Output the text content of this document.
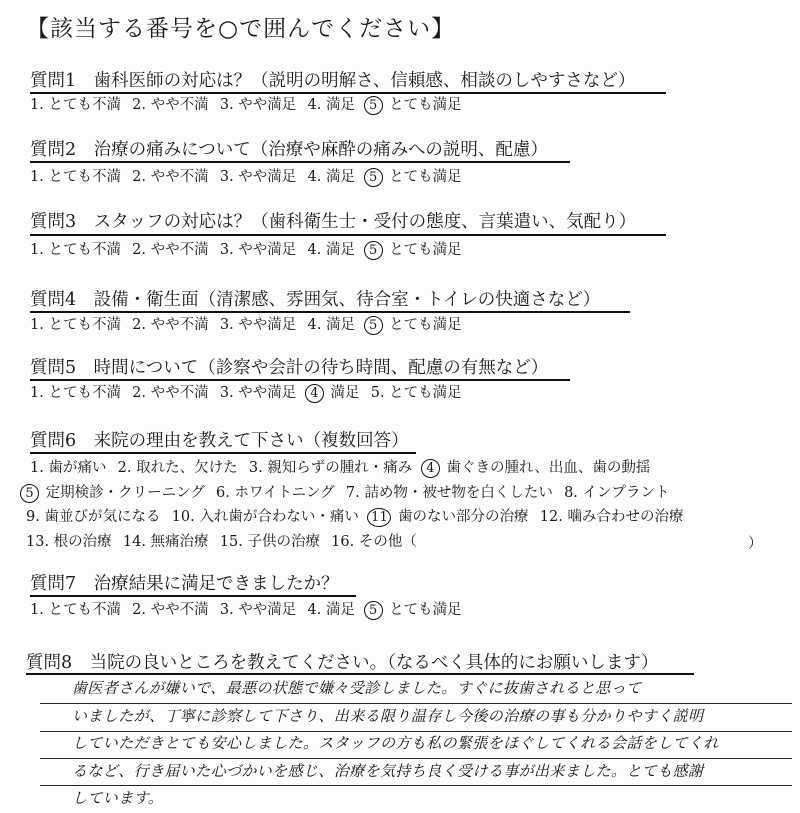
【該当する番号を○で囲んでください】
質問1　歯科医師の対応は？（説明の明解さ、信頼感、相談のしやすさなど）
1. とても不満 2. やや不満 3. やや満足 4. 満足 5 とても満足
質問2　治療の痛みについて（治療や麻酔の痛みへの説明、配慮）
1. とても不満 2. やや不満 3. やや満足 4. 満足 5 とても満足
質問3　スタッフの対応は？（歯科衛生士・受付の態度、言葉遣い、気配り）
1. とても不満 2. やや不満 3. やや満足 4. 満足 5 とても満足
質問4　設備・衛生面（清潔感、雰囲気、待合室・トイレの快適さなど）
1. とても不満 2. やや不満 3. やや満足 4. 満足 5 とても満足
質問5　時間について（診察や会計の待ち時間、配慮の有無など）
1. とても不満 2. やや不満 3. やや満足 4 満足 5. とても満足
質問6　来院の理由を教えて下さい（複数回答）
1. 歯が痛い 2. 取れた、欠けた 3. 親知らずの腫れ・痛み 4 歯ぐきの腫れ、出血、歯の動揺
5 定期検診・クリーニング 6. ホワイトニング 7. 詰め物・被せ物を白くしたい 8. インプラント
9. 歯並びが気になる 10. 入れ歯が合わない・痛い 11 歯のない部分の治療 12. 噛み合わせの治療
13. 根の治療 14. 無痛治療 15. 子供の治療 16. その他（	）
質問7　治療結果に満足できましたか？
1. とても不満 2. やや不満 3. やや満足 4. 満足 5 とても満足
質問8　当院の良いところを教えてください。（なるべく具体的にお願いします）
歯医者さんが嫌いで、最悪の状態で嫌々受診しました。すぐに抜歯されると思って
いましたが、丁寧に診察して下さり、出来る限り温存し今後の治療の事も分かりやすく説明
していただきとても安心しました。スタッフの方も私の緊張をほぐしてくれる会話をしてくれ
るなど、行き届いた心づかいを感じ、治療を気持ち良く受ける事が出来ました。とても感謝
しています。
